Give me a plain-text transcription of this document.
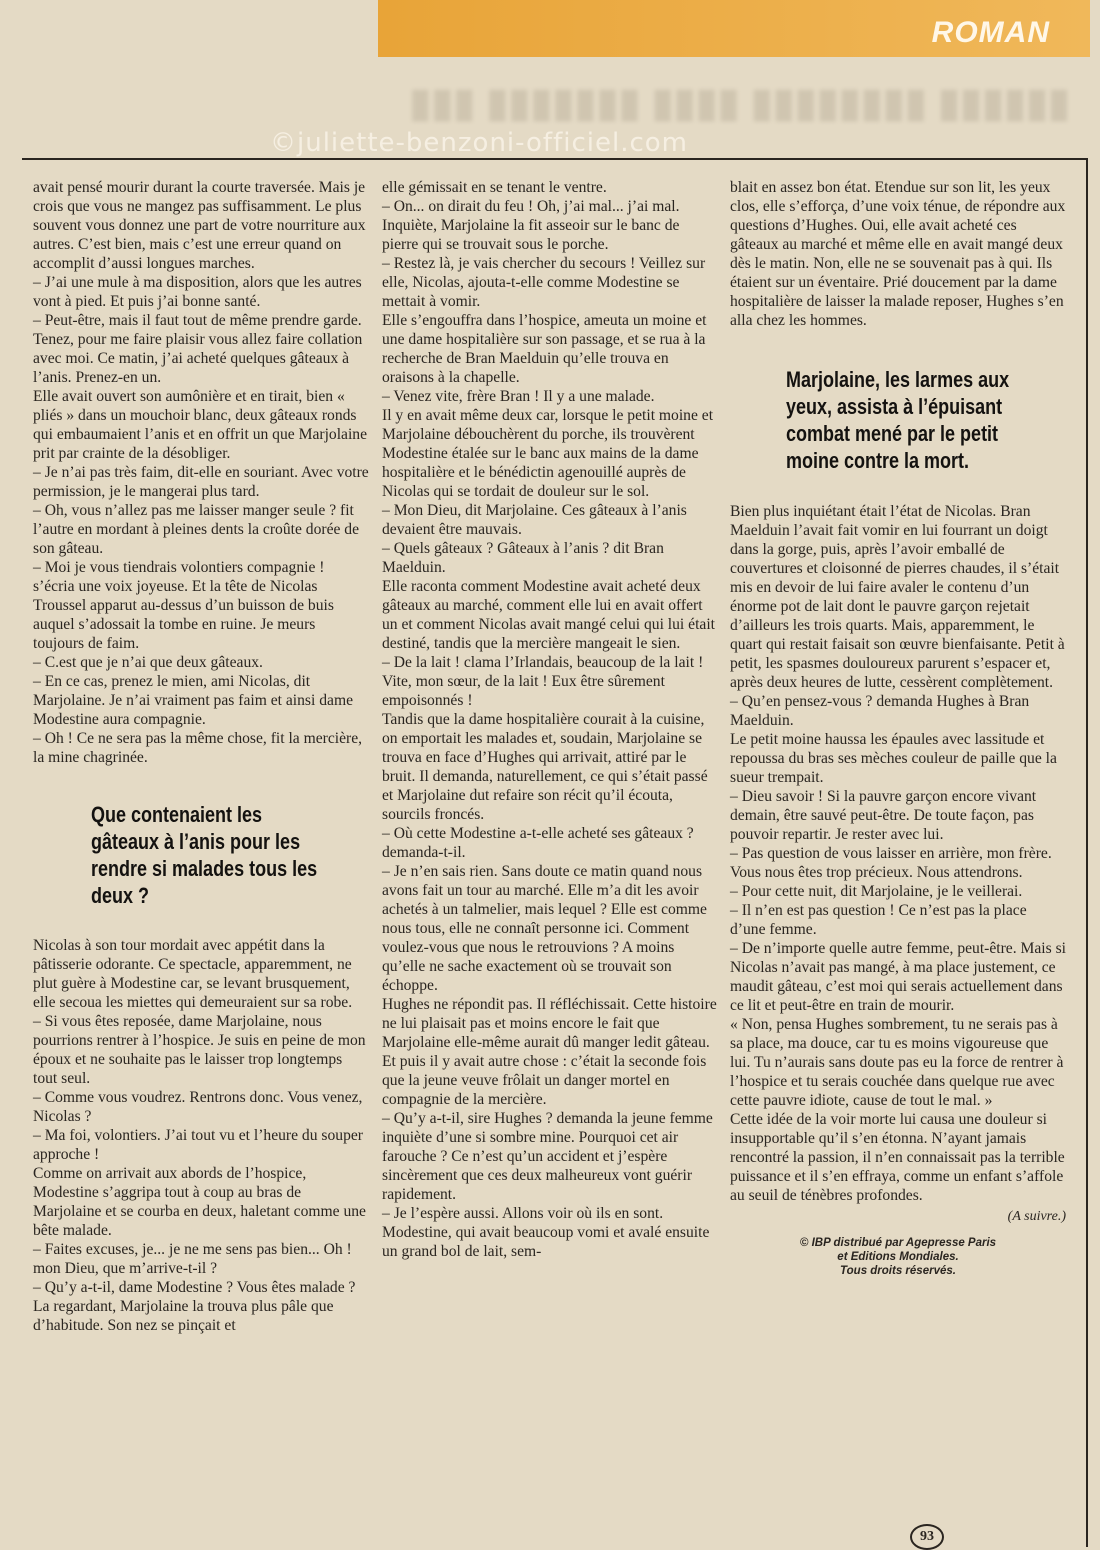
ROMAN
▮▮▮▮▮▮ ▮▮▮▮▮▮▮▮ ▮▮▮▮ ▮▮▮▮▮▮▮ ▮▮▮
©juliette-benzoni-officiel.com

avait pensé mourir durant la courte traversée. Mais je crois que vous ne mangez pas suffisamment. Le plus souvent vous donnez une part de votre nourriture aux autres. C’est bien, mais c’est une erreur quand on accomplit d’aussi longues marches.

– J’ai une mule à ma disposition, alors que les autres vont à pied. Et puis j’ai bonne santé.

– Peut-être, mais il faut tout de même prendre garde. Tenez, pour me faire plaisir vous allez faire collation avec moi. Ce matin, j’ai acheté quelques gâteaux à l’anis. Prenez-en un.

Elle avait ouvert son aumônière et en tirait, bien « pliés » dans un mouchoir blanc, deux gâteaux ronds qui embaumaient l’anis et en offrit un que Marjolaine prit par crainte de la désobliger.

– Je n’ai pas très faim, dit-elle en souriant. Avec votre permission, je le mangerai plus tard.

– Oh, vous n’allez pas me laisser manger seule ? fit l’autre en mordant à pleines dents la croûte dorée de son gâteau.

– Moi je vous tiendrais volontiers compagnie ! s’écria une voix joyeuse. Et la tête de Nicolas Troussel apparut au-dessus d’un buisson de buis auquel s’adossait la tombe en ruine. Je meurs toujours de faim.

– C.est que je n’ai que deux gâteaux.

– En ce cas, prenez le mien, ami Nicolas, dit Marjolaine. Je n’ai vraiment pas faim et ainsi dame Modestine aura compagnie.

– Oh ! Ce ne sera pas la même chose, fit la mercière, la mine chagrinée.

Que contenaient les gâteaux à l’anis pour les rendre si malades tous les deux ?

Nicolas à son tour mordait avec appétit dans la pâtisserie odorante. Ce spectacle, apparemment, ne plut guère à Modestine car, se levant brusquement, elle secoua les miettes qui demeuraient sur sa robe.

– Si vous êtes reposée, dame Marjolaine, nous pourrions rentrer à l’hospice. Je suis en peine de mon époux et ne souhaite pas le laisser trop longtemps tout seul.

– Comme vous voudrez. Rentrons donc. Vous venez, Nicolas ?

– Ma foi, volontiers. J’ai tout vu et l’heure du souper approche !

Comme on arrivait aux abords de l’hospice, Modestine s’aggripa tout à coup au bras de Marjolaine et se courba en deux, haletant comme une bête malade.

– Faites excuses, je... je ne me sens pas bien... Oh ! mon Dieu, que m’arrive-t-il ?

– Qu’y a-t-il, dame Modestine ? Vous êtes malade ?

La regardant, Marjolaine la trouva plus pâle que d’habitude. Son nez se pinçait et

elle gémissait en se tenant le ventre.

– On... on dirait du feu ! Oh, j’ai mal... j’ai mal.

Inquiète, Marjolaine la fit asseoir sur le banc de pierre qui se trouvait sous le porche.

– Restez là, je vais chercher du secours ! Veillez sur elle, Nicolas, ajouta-t-elle comme Modestine se mettait à vomir.

Elle s’engouffra dans l’hospice, ameuta un moine et une dame hospitalière sur son passage, et se rua à la recherche de Bran Maelduin qu’elle trouva en oraisons à la chapelle.

– Venez vite, frère Bran ! Il y a une malade.

Il y en avait même deux car, lorsque le petit moine et Marjolaine débouchèrent du porche, ils trouvèrent Modestine étalée sur le banc aux mains de la dame hospitalière et le bénédictin agenouillé auprès de Nicolas qui se tordait de douleur sur le sol.

– Mon Dieu, dit Marjolaine. Ces gâteaux à l’anis devaient être mauvais.

– Quels gâteaux ? Gâteaux à l’anis ? dit Bran Maelduin.

Elle raconta comment Modestine avait acheté deux gâteaux au marché, comment elle lui en avait offert un et comment Nicolas avait mangé celui qui lui était destiné, tandis que la mercière mangeait le sien.

– De la lait ! clama l’Irlandais, beaucoup de la lait ! Vite, mon sœur, de la lait ! Eux être sûrement empoisonnés !

Tandis que la dame hospitalière courait à la cuisine, on emportait les malades et, soudain, Marjolaine se trouva en face d’Hughes qui arrivait, attiré par le bruit. Il demanda, naturellement, ce qui s’était passé et Marjolaine dut refaire son récit qu’il écouta, sourcils froncés.

– Où cette Modestine a-t-elle acheté ses gâteaux ? demanda-t-il.

– Je n’en sais rien. Sans doute ce matin quand nous avons fait un tour au marché. Elle m’a dit les avoir achetés à un talmelier, mais lequel ? Elle est comme nous tous, elle ne connaît personne ici. Comment voulez-vous que nous le retrouvions ? A moins qu’elle ne sache exactement où se trouvait son échoppe.

Hughes ne répondit pas. Il réfléchissait. Cette histoire ne lui plaisait pas et moins encore le fait que Marjolaine elle-même aurait dû manger ledit gâteau. Et puis il y avait autre chose : c’était la seconde fois que la jeune veuve frôlait un danger mortel en compagnie de la mercière.

– Qu’y a-t-il, sire Hughes ? demanda la jeune femme inquiète d’une si sombre mine. Pourquoi cet air farouche ? Ce n’est qu’un accident et j’espère sincèrement que ces deux malheureux vont guérir rapidement.

– Je l’espère aussi. Allons voir où ils en sont.

Modestine, qui avait beaucoup vomi et avalé ensuite un grand bol de lait, sem-

blait en assez bon état. Etendue sur son lit, les yeux clos, elle s’efforça, d’une voix ténue, de répondre aux questions d’Hughes. Oui, elle avait acheté ces gâteaux au marché et même elle en avait mangé deux dès le matin. Non, elle ne se souvenait pas à qui. Ils étaient sur un éventaire. Prié doucement par la dame hospitalière de laisser la malade reposer, Hughes s’en alla chez les hommes.

Marjolaine, les larmes aux yeux, assista à l’épuisant combat mené par le petit moine contre la mort.

Bien plus inquiétant était l’état de Nicolas. Bran Maelduin l’avait fait vomir en lui fourrant un doigt dans la gorge, puis, après l’avoir emballé de couvertures et cloisonné de pierres chaudes, il s’était mis en devoir de lui faire avaler le contenu d’un énorme pot de lait dont le pauvre garçon rejetait d’ailleurs les trois quarts. Mais, apparemment, le quart qui restait faisait son œuvre bienfaisante. Petit à petit, les spasmes douloureux parurent s’espacer et, après deux heures de lutte, cessèrent complètement.

– Qu’en pensez-vous ? demanda Hughes à Bran Maelduin.

Le petit moine haussa les épaules avec lassitude et repoussa du bras ses mèches couleur de paille que la sueur trempait.

– Dieu savoir ! Si la pauvre garçon encore vivant demain, être sauvé peut-être. De toute façon, pas pouvoir repartir. Je rester avec lui.

– Pas question de vous laisser en arrière, mon frère. Vous nous êtes trop précieux. Nous attendrons.

– Pour cette nuit, dit Marjolaine, je le veillerai.

– Il n’en est pas question ! Ce n’est pas la place d’une femme.

– De n’importe quelle autre femme, peut-être. Mais si Nicolas n’avait pas mangé, à ma place justement, ce maudit gâteau, c’est moi qui serais actuellement dans ce lit et peut-être en train de mourir.

« Non, pensa Hughes sombrement, tu ne serais pas à sa place, ma douce, car tu es moins vigoureuse que lui. Tu n’aurais sans doute pas eu la force de rentrer à l’hospice et tu serais couchée dans quelque rue avec cette pauvre idiote, cause de tout le mal. »

Cette idée de la voir morte lui causa une douleur si insupportable qu’il s’en étonna. N’ayant jamais rencontré la passion, il n’en connaissait pas la terrible puissance et il s’en effraya, comme un enfant s’affole au seuil de ténèbres profondes.

(A suivre.)
© IBP distribué par Agepresse Paris
et Editions Mondiales.
Tous droits réservés.
93
